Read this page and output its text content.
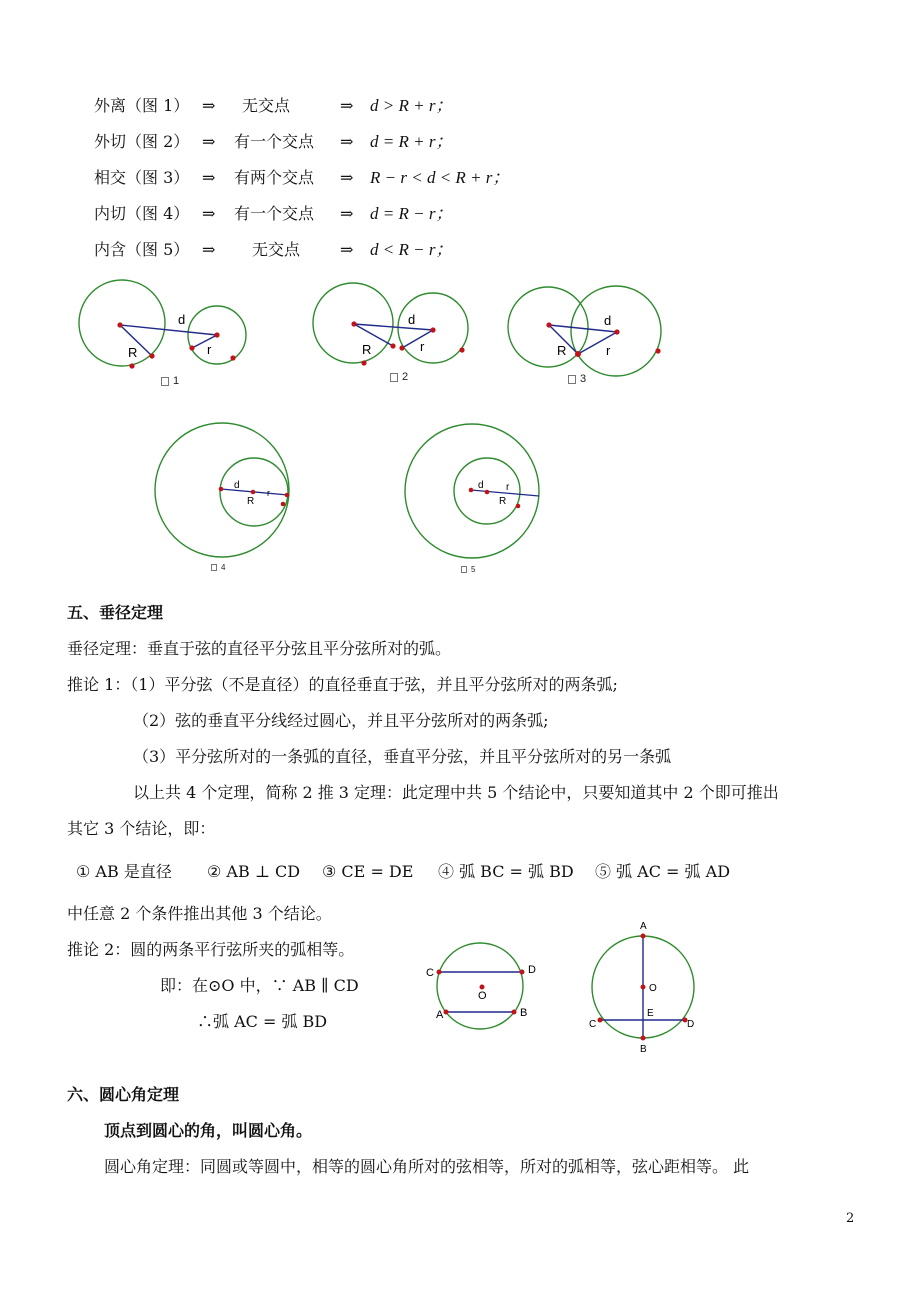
外离（图 1） ⇒ 无交点	⇒ d > R + r；
外切（图 2） ⇒ 有一个交点 ⇒ d = R + r；
相交（图 3） ⇒ 有两个交点 ⇒ R − r < d < R + r；
内切（图 4） ⇒ 有一个交点 ⇒ d = R − r；
内含（图 5） ⇒ 无交点 ⇒ d < R − r；
d
R	r
1
d
R	r
2
d
R	r
3
d
R
r
4
d r
R
5
五、垂径定理
垂径定理：垂直于弦的直径平分弦且平分弦所对的弧。
推论 1：（1）平分弦（不是直径）的直径垂直于弦，并且平分弦所对的两条弧;
（2）弦的垂直平分线经过圆心，并且平分弦所对的两条弧;
（3）平分弦所对的一条弧的直径，垂直平分弦，并且平分弦所对的另一条弧
以上共 4 个定理，简称 2 推 3 定理：此定理中共 5 个结论中，只要知道其中 2 个即可推出
其它 3 个结论，即：
① AB 是直径 ② AB ⊥ CD ③ CE = DE ④ 弧 BC = 弧 BD ⑤ 弧 AC = 弧 AD
中任意 2 个条件推出其他 3 个结论。
推论 2：圆的两条平行弦所夹的弧相等。
即：在⊙O 中，∵ AB ∥ CD
∴弧 AC = 弧 BD
C	D
O
A	B
A
O
C
E
D
B
六、圆心角定理
顶点到圆心的角，叫圆心角。
圆心角定理：同圆或等圆中，相等的圆心角所对的弦相等，所对的弧相等，弦心距相等。 此
2
